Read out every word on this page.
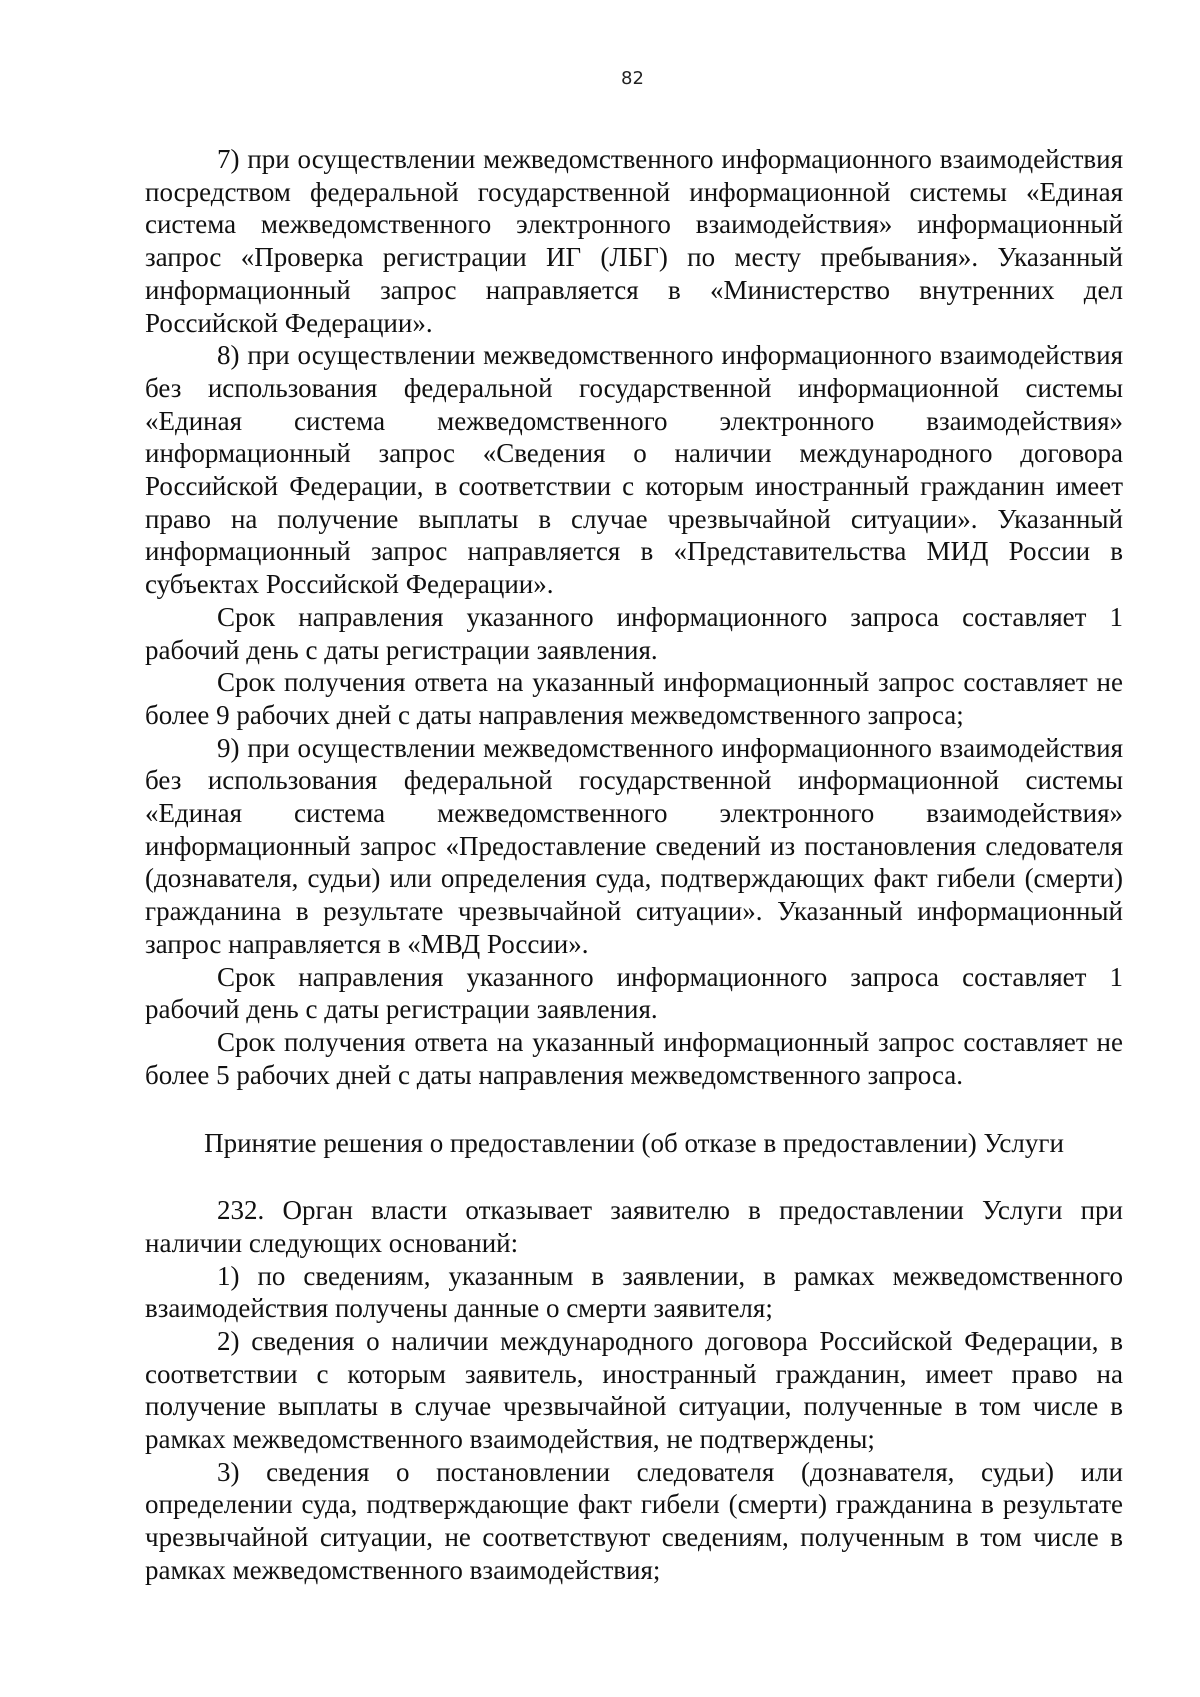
82

7) при осуществлении межведомственного информационного взаимодействия посредством федеральной государственной информационной системы «Единая система межведомственного электронного взаимодействия» информационный запрос «Проверка регистрации ИГ (ЛБГ) по месту пребывания». Указанный информационный запрос направляется в «Министерство внутренних дел Российской Федерации».

8) при осуществлении межведомственного информационного взаимодействия без использования федеральной государственной информационной системы «Единая система межведомственного электронного взаимодействия» информационный запрос «Сведения о наличии международного договора Российской Федерации, в соответствии с которым иностранный гражданин имеет право на получение выплаты в случае чрезвычайной ситуации». Указанный информационный запрос направляется в «Представительства МИД России в субъектах Российской Федерации».

Срок направления указанного информационного запроса составляет 1 рабочий день с даты регистрации заявления.

Срок получения ответа на указанный информационный запрос составляет не более 9 рабочих дней с даты направления межведомственного запроса;

9) при осуществлении межведомственного информационного взаимодействия без использования федеральной государственной информационной системы «Единая система межведомственного электронного взаимодействия» информационный запрос «Предоставление сведений из постановления следователя (дознавателя, судьи) или определения суда, подтверждающих факт гибели (смерти) гражданина в результате чрезвычайной ситуации». Указанный информационный запрос направляется в «МВД России».

Срок направления указанного информационного запроса составляет 1 рабочий день с даты регистрации заявления.

Срок получения ответа на указанный информационный запрос составляет не более 5 рабочих дней с даты направления межведомственного запроса.

Принятие решения о предоставлении (об отказе в предоставлении) Услуги

232. Орган власти отказывает заявителю в предоставлении Услуги при наличии следующих оснований:

1) по сведениям, указанным в заявлении, в рамках межведомственного взаимодействия получены данные о смерти заявителя;

2) сведения о наличии международного договора Российской Федерации, в соответствии с которым заявитель, иностранный гражданин, имеет право на получение выплаты в случае чрезвычайной ситуации, полученные в том числе в рамках межведомственного взаимодействия, не подтверждены;

3) сведения о постановлении следователя (дознавателя, судьи) или определении суда, подтверждающие факт гибели (смерти) гражданина в результате чрезвычайной ситуации, не соответствуют сведениям, полученным в том числе в рамках межведомственного взаимодействия;
